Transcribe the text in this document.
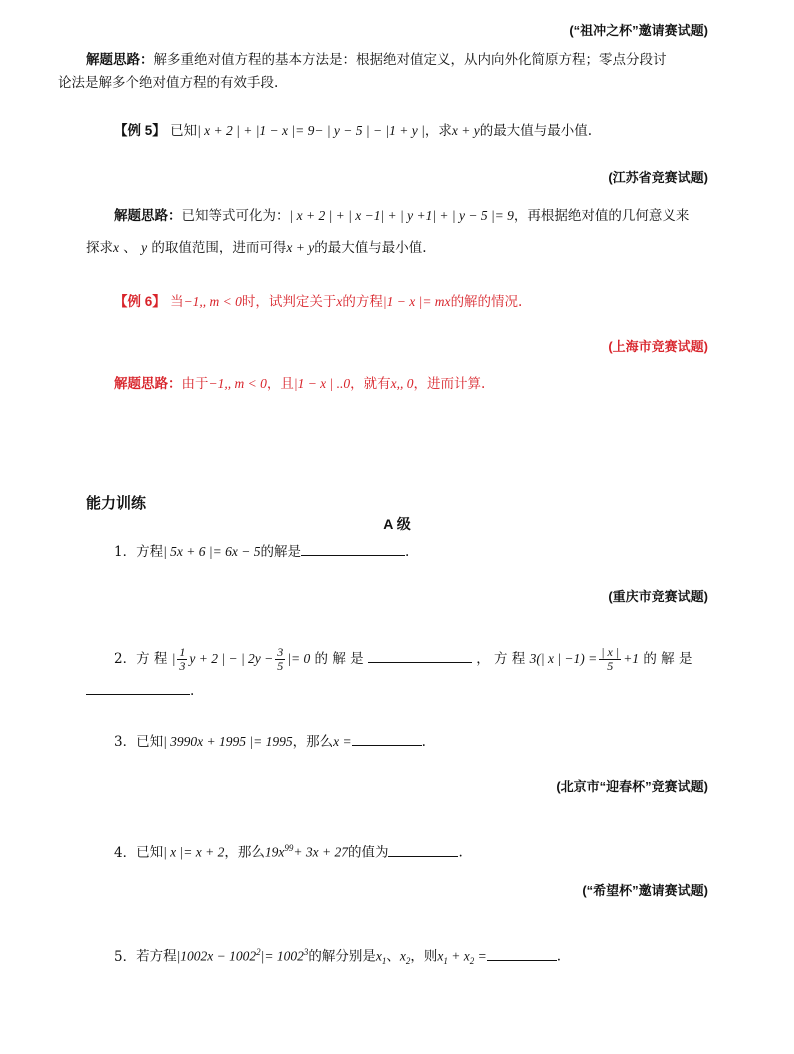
(“祖冲之杯”邀请赛试题)
解题思路：解多重绝对值方程的基本方法是：根据绝对值定义，从内向外化简原方程；零点分段讨
论法是解多个绝对值方程的有效手段.
【例 5】 已知| x + 2 | + |1 − x |= 9− | y − 5 | − |1 + y |，求x + y的最大值与最小值.
(江苏省竞赛试题)
解题思路：已知等式可化为：| x + 2 | + | x −1| + | y +1| + | y − 5 |= 9，再根据绝对值的几何意义来
探求x 、 y 的取值范围，进而可得x + y的最大值与最小值.
【例 6】 当−1,, m < 0时，试判定关于x的方程|1 − x |= mx的解的情况.
(上海市竞赛试题)
解题思路：由于−1,, m < 0，且|1 − x | ..0，就有x,, 0，进而计算.
能力训练
A 级
1．方程| 5x + 6 |= 6x − 5的解是	.
(重庆市竞赛试题)
2．方 程 | $\frac{1}{3}$ y + 2 | − | $2y - \frac{3}{5}$ |= 0 的 解 是	， 方 程 3(| x | $-1) = \frac{| x |}{5} +1$ 的 解 是
.
3．已知| 3990x + 1995 |= 1995，那么x =	.
(北京市“迎春杯”竞赛试题)
4．已知| x |= x + 2，那么$19x^{99}+ 3x + 27$的值为	.
(“希望杯”邀请赛试题)
5．若方程$|1002x - 1002^2|= 1002^3$的解分别是$x_1$、$x_2$，则$x_1 + x_2$ =	.
